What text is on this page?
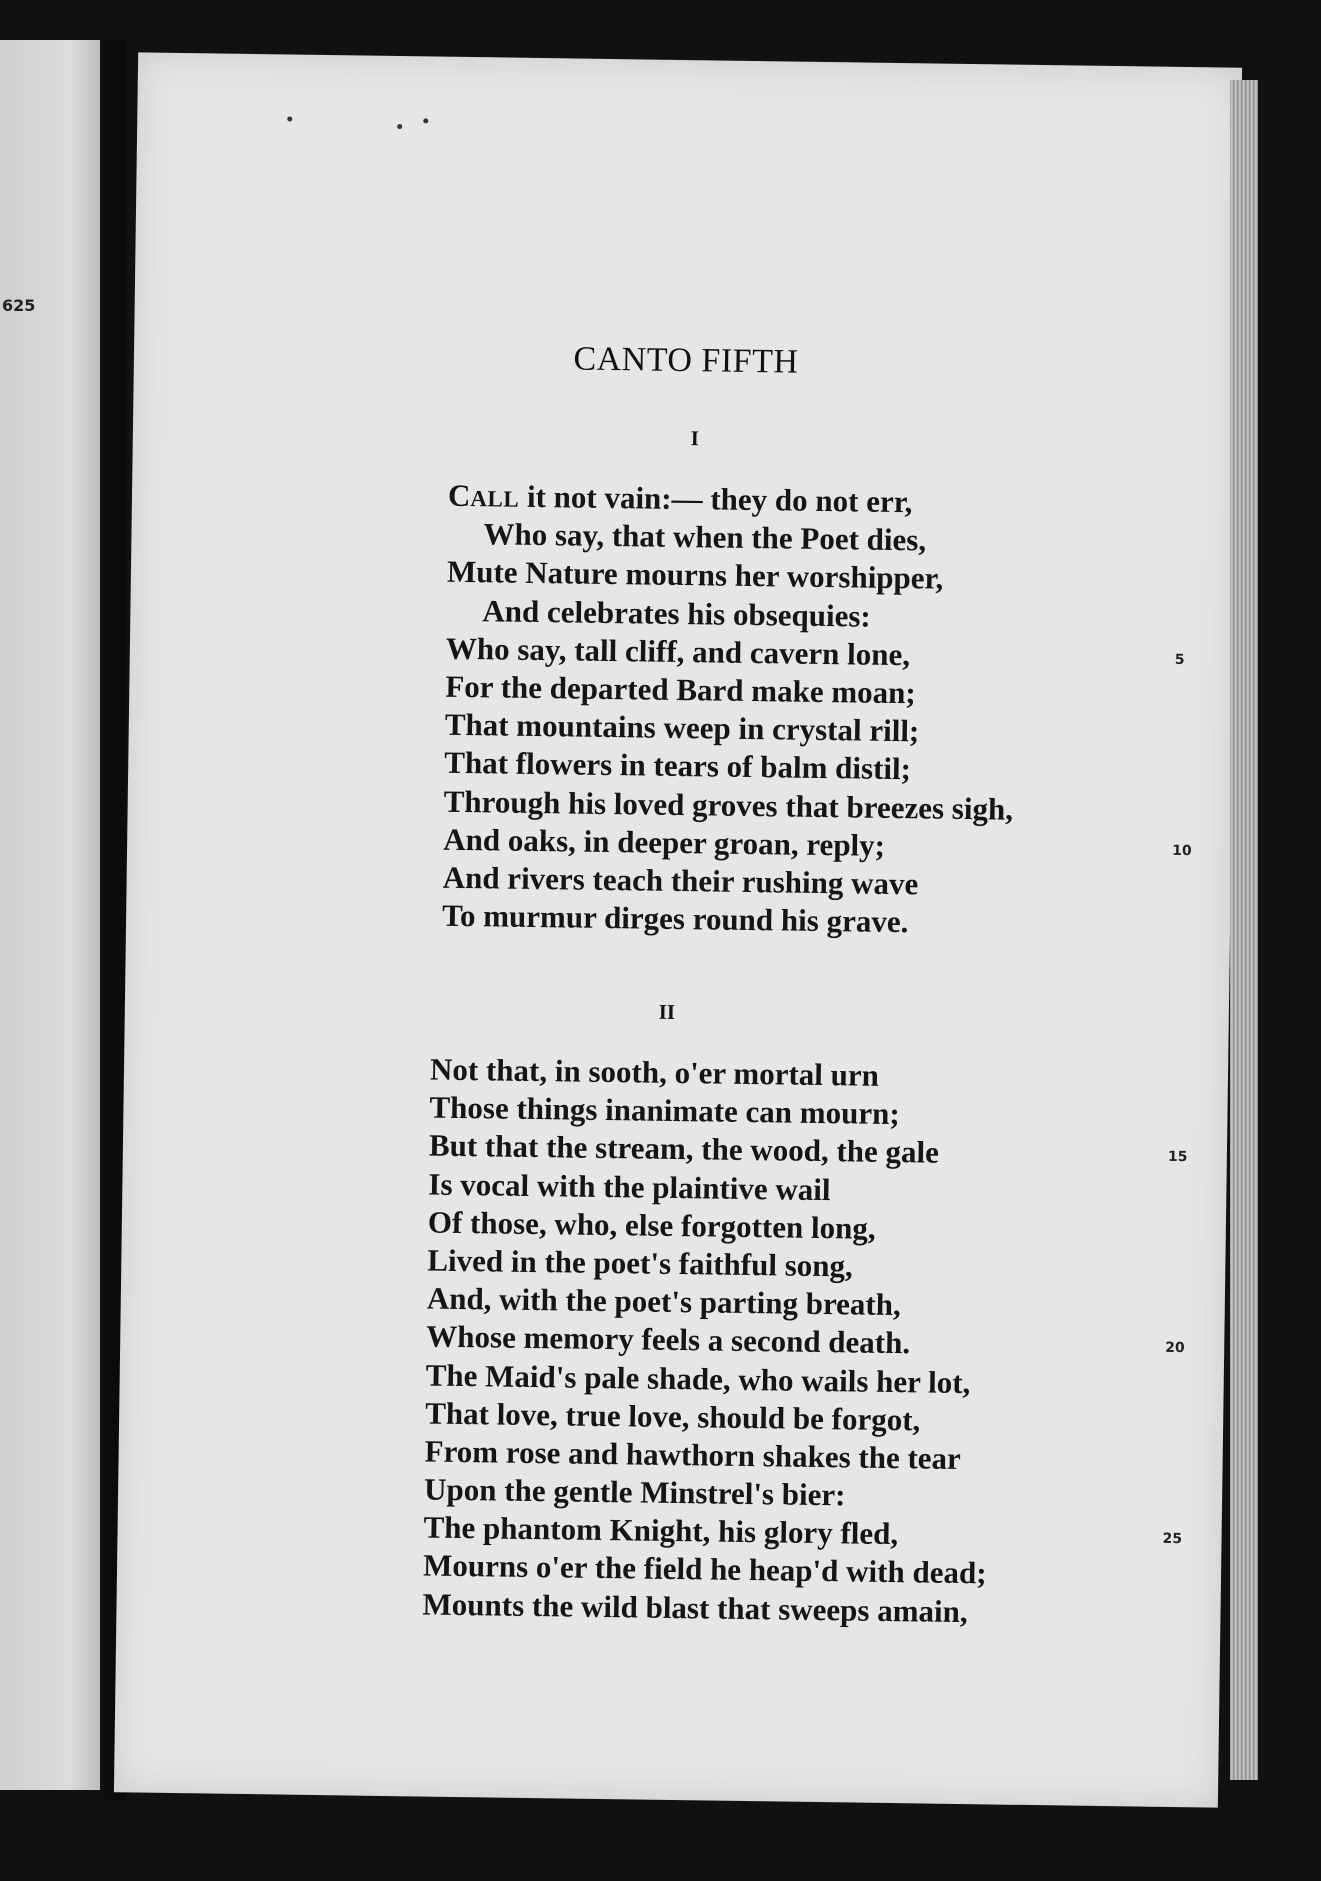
625
CANTO FIFTH
I
CALL it not vain:— they do not err,
Who say, that when the Poet dies,
Mute Nature mourns her worshipper,
And celebrates his obsequies:
Who say, tall cliff, and cavern lone,
For the departed Bard make moan;
That mountains weep in crystal rill;
That flowers in tears of balm distil;
Through his loved groves that breezes sigh,
And oaks, in deeper groan, reply;
And rivers teach their rushing wave
To murmur dirges round his grave.
II
Not that, in sooth, o'er mortal urn
Those things inanimate can mourn;
But that the stream, the wood, the gale
Is vocal with the plaintive wail
Of those, who, else forgotten long,
Lived in the poet's faithful song,
And, with the poet's parting breath,
Whose memory feels a second death.
The Maid's pale shade, who wails her lot,
That love, true love, should be forgot,
From rose and hawthorn shakes the tear
Upon the gentle Minstrel's bier:
The phantom Knight, his glory fled,
Mourns o'er the field he heap'd with dead;
Mounts the wild blast that sweeps amain,
5
10
15
20
25
81
